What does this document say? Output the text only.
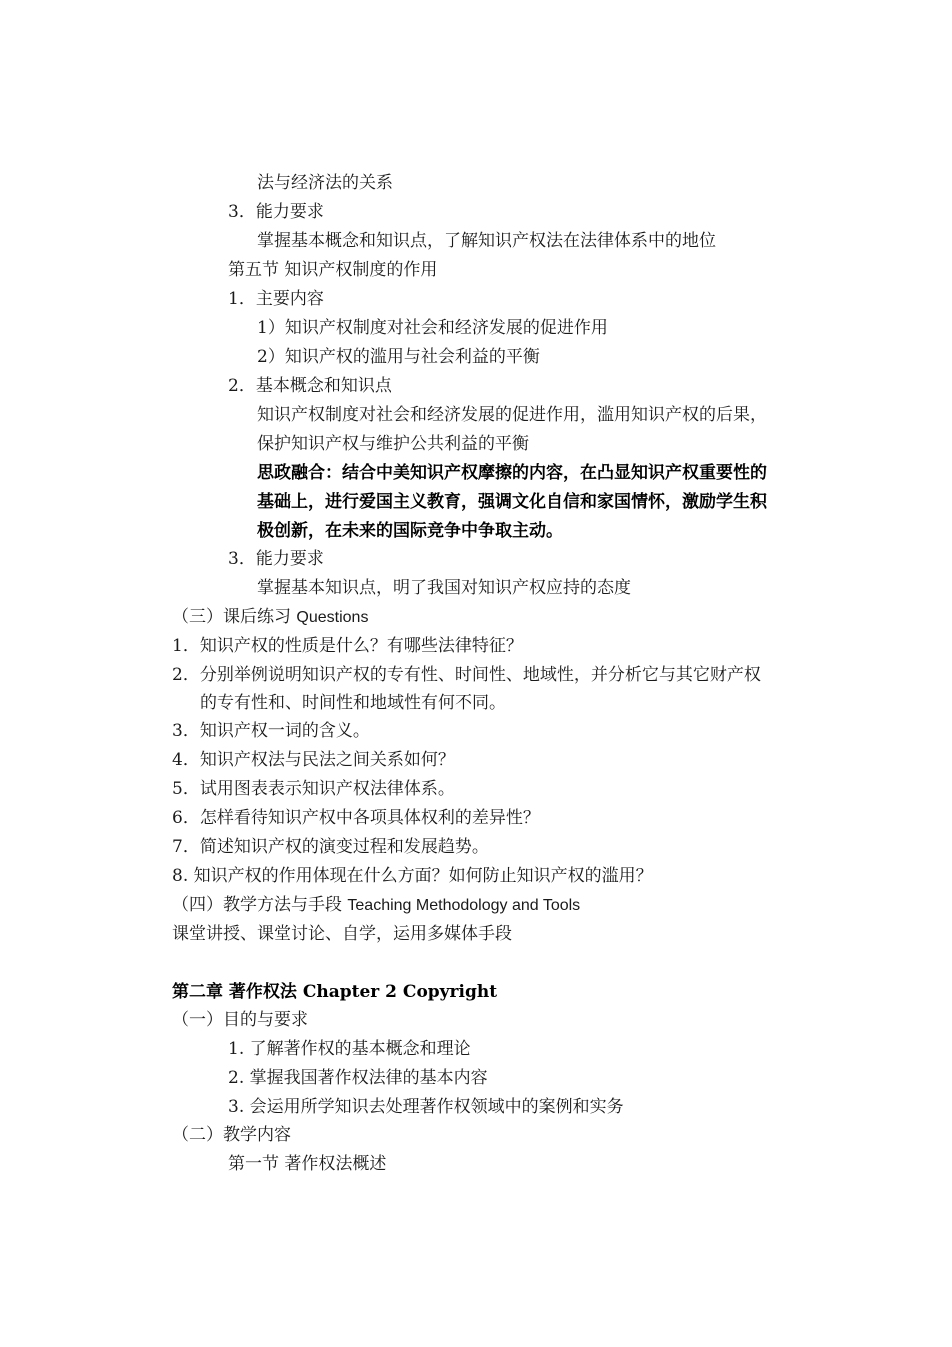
法与经济法的关系
3．能力要求
掌握基本概念和知识点，了解知识产权法在法律体系中的地位
第五节 知识产权制度的作用
1．主要内容
1）知识产权制度对社会和经济发展的促进作用
2）知识产权的滥用与社会利益的平衡
2．基本概念和知识点
知识产权制度对社会和经济发展的促进作用，滥用知识产权的后果，
保护知识产权与维护公共利益的平衡
思政融合：结合中美知识产权摩擦的内容，在凸显知识产权重要性的
基础上，进行爱国主义教育，强调文化自信和家国情怀，激励学生积
极创新，在未来的国际竞争中争取主动。
3．能力要求
掌握基本知识点，明了我国对知识产权应持的态度
（三）课后练习 Questions
1．知识产权的性质是什么？有哪些法律特征？
2．分别举例说明知识产权的专有性、时间性、地域性，并分析它与其它财产权
的专有性和、时间性和地域性有何不同。
3．知识产权一词的含义。
4．知识产权法与民法之间关系如何？
5．试用图表表示知识产权法律体系。
6．怎样看待知识产权中各项具体权利的差异性？
7．简述知识产权的演变过程和发展趋势。
8. 知识产权的作用体现在什么方面？如何防止知识产权的滥用？
（四）教学方法与手段 Teaching Methodology and Tools
课堂讲授、课堂讨论、自学，运用多媒体手段
第二章 著作权法 Chapter 2 Copyright
（一）目的与要求
1. 了解著作权的基本概念和理论
2. 掌握我国著作权法律的基本内容
3. 会运用所学知识去处理著作权领域中的案例和实务
（二）教学内容
第一节 著作权法概述
